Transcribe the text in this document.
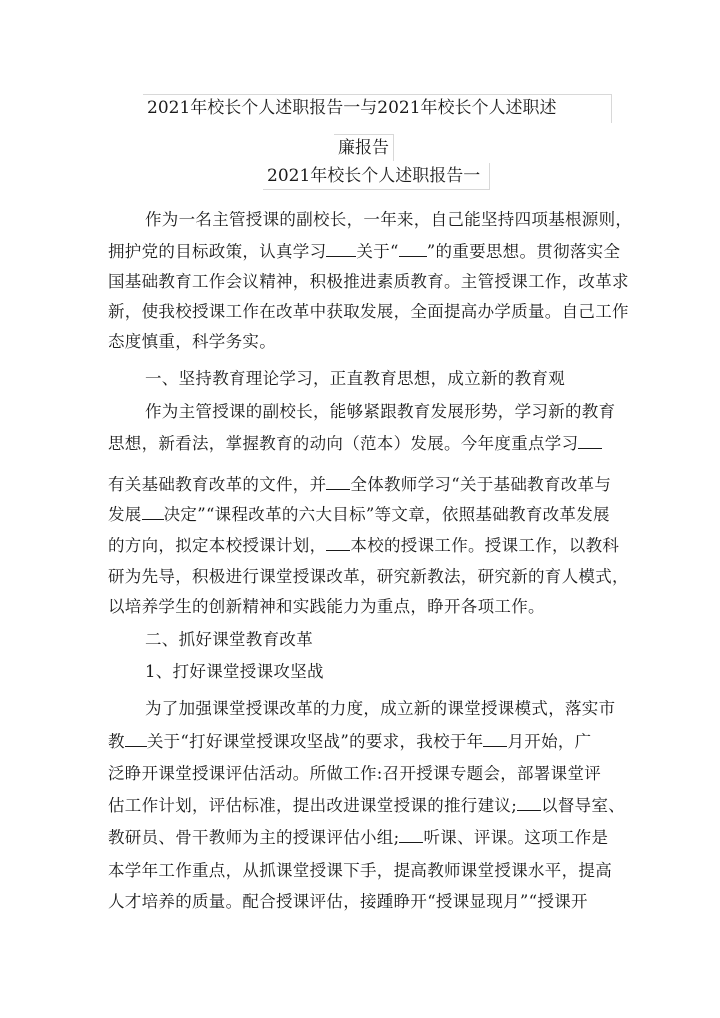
2021年校长个人述职报告一与2021年校长个人述职述
廉报告
2021年校长个人述职报告一
作为一名主管授课的副校长，一年来，自己能坚持四项基根源则，
拥护党的目标政策，认真学习 关于“ ”的重要思想。贯彻落实全
国基础教育工作会议精神，积极推进素质教育。主管授课工作，改革求
新，使我校授课工作在改革中获取发展，全面提高办学质量。自己工作
态度慎重，科学务实。
一、坚持教育理论学习，正直教育思想，成立新的教育观
作为主管授课的副校长，能够紧跟教育发展形势，学习新的教育
思想，新看法，掌握教育的动向（范本）发展。今年度重点学习
有关基础教育改革的文件，并 全体教师学习“关于基础教育改革与
发展 决定”“课程改革的六大目标”等文章，依照基础教育改革发展
的方向，拟定本校授课计划， 本校的授课工作。授课工作，以教科
研为先导，积极进行课堂授课改革，研究新教法，研究新的育人模式，
以培养学生的创新精神和实践能力为重点，睁开各项工作。
二、抓好课堂教育改革
1、打好课堂授课攻坚战
为了加强课堂授课改革的力度，成立新的课堂授课模式，落实市
教 关于“打好课堂授课攻坚战”的要求，我校于年 月开始，广
泛睁开课堂授课评估活动。所做工作:召开授课专题会，部署课堂评
估工作计划，评估标准，提出改进课堂授课的推行建议; 以督导室、
教研员、骨干教师为主的授课评估小组; 听课、评课。这项工作是
本学年工作重点，从抓课堂授课下手，提高教师课堂授课水平，提高
人才培养的质量。配合授课评估，接踵睁开“授课显现月”“授课开
